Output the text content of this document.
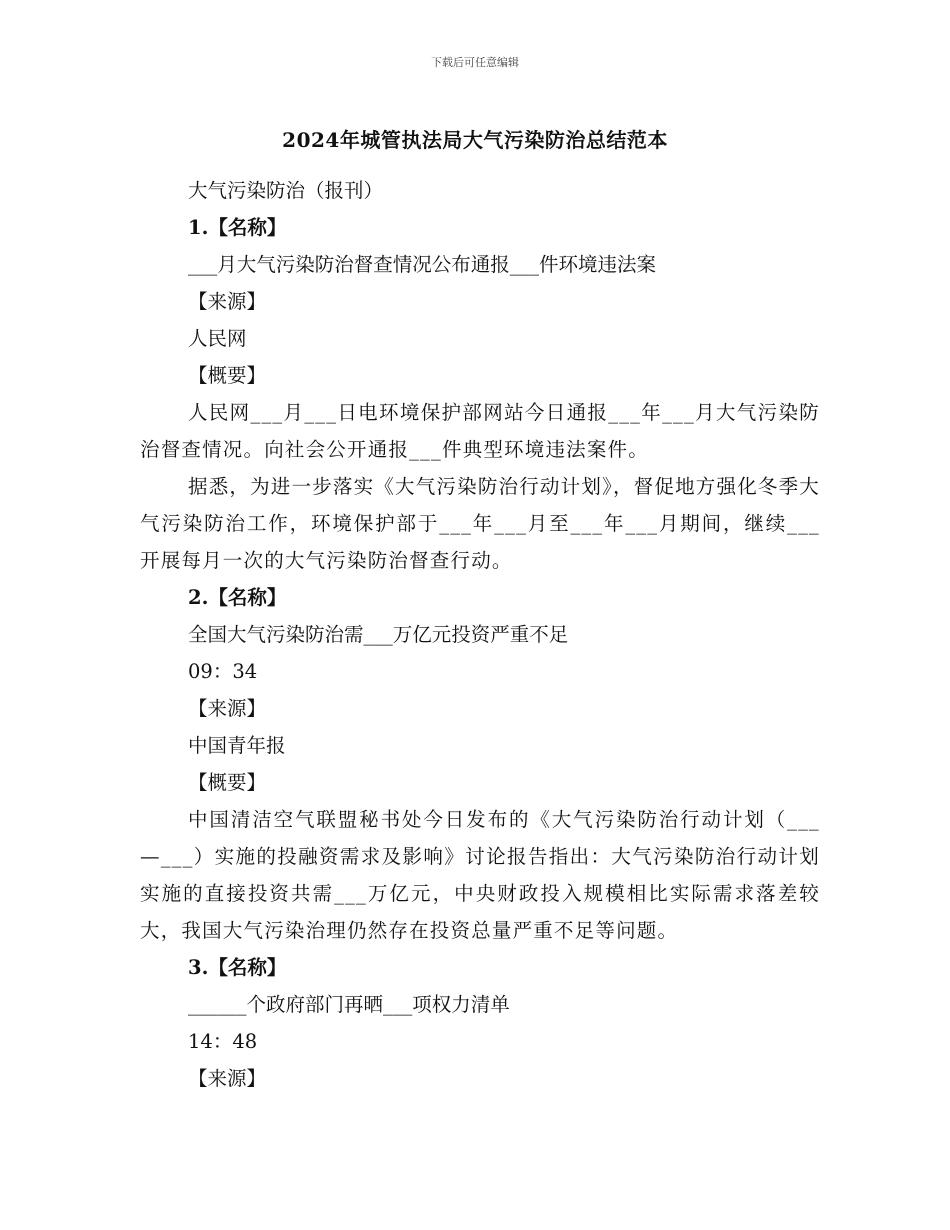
下载后可任意编辑
2024年城管执法局大气污染防治总结范本
大气污染防治（报刊）
1.【名称】
___月大气污染防治督查情况公布通报___件环境违法案
【来源】
人民网
【概要】
人民网___月___日电环境保护部网站今日通报___年___月大气污染防治督查情况。向社会公开通报___件典型环境违法案件。
据悉，为进一步落实《大气污染防治行动计划》，督促地方强化冬季大气污染防治工作，环境保护部于___年___月至___年___月期间，继续___开展每月一次的大气污染防治督查行动。
2.【名称】
全国大气污染防治需___万亿元投资严重不足
09：34
【来源】
中国青年报
【概要】
中国清洁空气联盟秘书处今日发布的《大气污染防治行动计划（___—___）实施的投融资需求及影响》讨论报告指出：大气污染防治行动计划实施的直接投资共需___万亿元，中央财政投入规模相比实际需求落差较大，我国大气污染治理仍然存在投资总量严重不足等问题。
3.【名称】
______个政府部门再晒___项权力清单
14：48
【来源】
